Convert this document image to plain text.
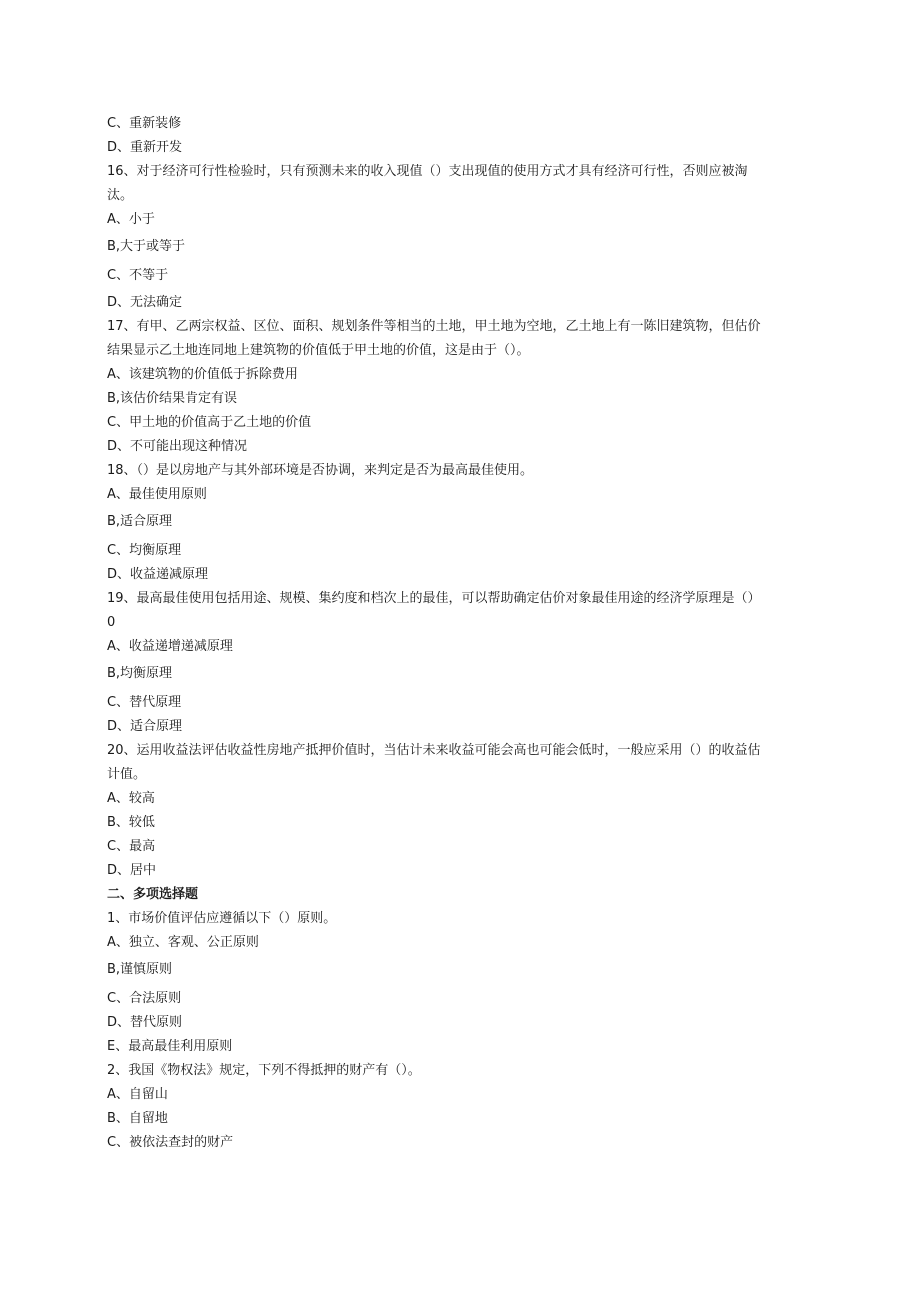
C、重新装修
D、重新开发
16、对于经济可行性检验时，只有预测未来的收入现值（）支出现值的使用方式才具有经济可行性，否则应被淘
汰。
A、小于
B,大于或等于
C、不等于
D、无法确定
17、有甲、乙两宗权益、区位、面积、规划条件等相当的土地，甲土地为空地，乙土地上有一陈旧建筑物，但估价
结果显示乙土地连同地上建筑物的价值低于甲土地的价值，这是由于（）。
A、该建筑物的价值低于拆除费用
B,该估价结果肯定有误
C、甲土地的价值高于乙土地的价值
D、不可能出现这种情况
18、（）是以房地产与其外部环境是否协调，来判定是否为最高最佳使用。
A、最佳使用原则
B,适合原理
C、均衡原理
D、收益递减原理
19、最高最佳使用包括用途、规模、集约度和档次上的最佳，可以帮助确定估价对象最佳用途的经济学原理是（）
0
A、收益递增递减原理
B,均衡原理
C、替代原理
D、适合原理
20、运用收益法评估收益性房地产抵押价值时，当估计未来收益可能会高也可能会低时，一般应采用（）的收益估
计值。
A、较高
B、较低
C、最高
D、居中
二、多项选择题
1、市场价值评估应遵循以下（）原则。
A、独立、客观、公正原则
B,谨慎原则
C、合法原则
D、替代原则
E、最高最佳利用原则
2、我国《物权法》规定，下列不得抵押的财产有（）。
A、自留山
B、自留地
C、被依法查封的财产
